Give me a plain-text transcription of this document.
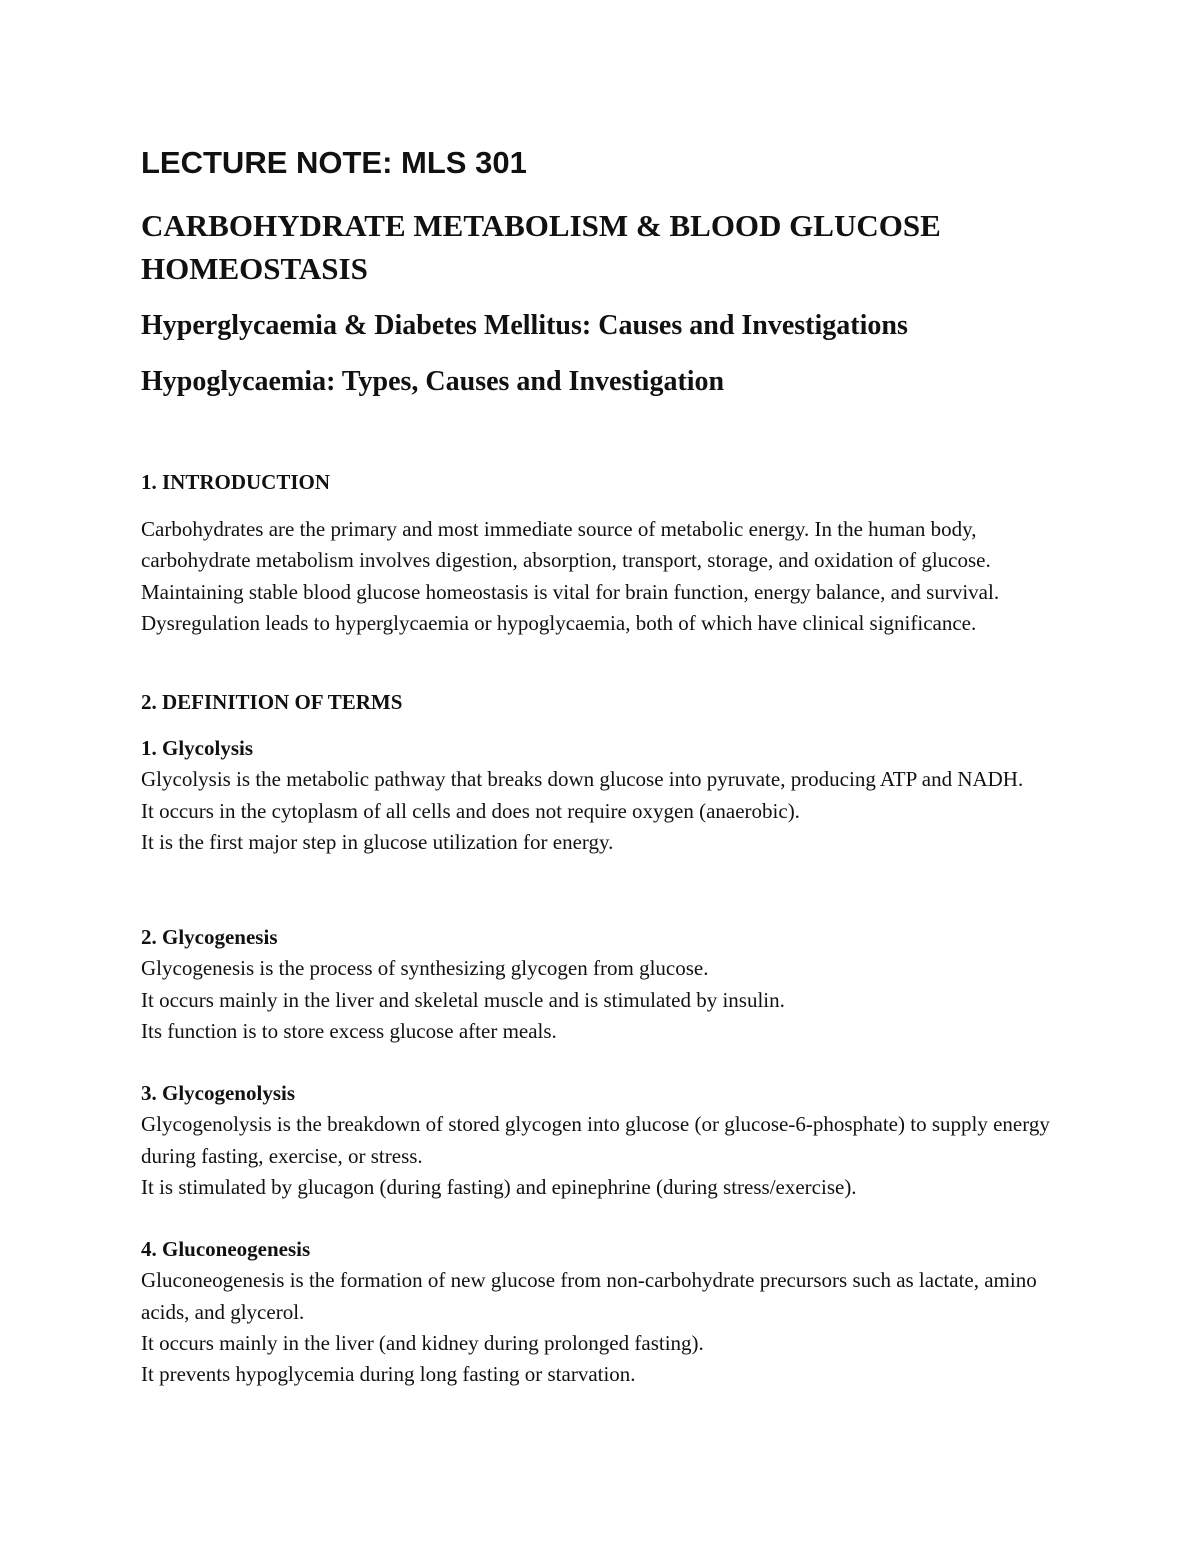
LECTURE NOTE: MLS 301
CARBOHYDRATE METABOLISM & BLOOD GLUCOSE HOMEOSTASIS
Hyperglycaemia & Diabetes Mellitus: Causes and Investigations
Hypoglycaemia: Types, Causes and Investigation
1. INTRODUCTION

Carbohydrates are the primary and most immediate source of metabolic energy. In the human body, carbohydrate metabolism involves digestion, absorption, transport, storage, and oxidation of glucose. Maintaining stable blood glucose homeostasis is vital for brain function, energy balance, and survival. Dysregulation leads to hyperglycaemia or hypoglycaemia, both of which have clinical significance.

2. DEFINITION OF TERMS

1. Glycolysis

Glycolysis is the metabolic pathway that breaks down glucose into pyruvate, producing ATP and NADH.

It occurs in the cytoplasm of all cells and does not require oxygen (anaerobic).

It is the first major step in glucose utilization for energy.

2. Glycogenesis

Glycogenesis is the process of synthesizing glycogen from glucose.

It occurs mainly in the liver and skeletal muscle and is stimulated by insulin.

Its function is to store excess glucose after meals.

3. Glycogenolysis

Glycogenolysis is the breakdown of stored glycogen into glucose (or glucose-6-phosphate) to supply energy during fasting, exercise, or stress.

It is stimulated by glucagon (during fasting) and epinephrine (during stress/exercise).

4. Gluconeogenesis

Gluconeogenesis is the formation of new glucose from non-carbohydrate precursors such as lactate, amino acids, and glycerol.

It occurs mainly in the liver (and kidney during prolonged fasting).

It prevents hypoglycemia during long fasting or starvation.
